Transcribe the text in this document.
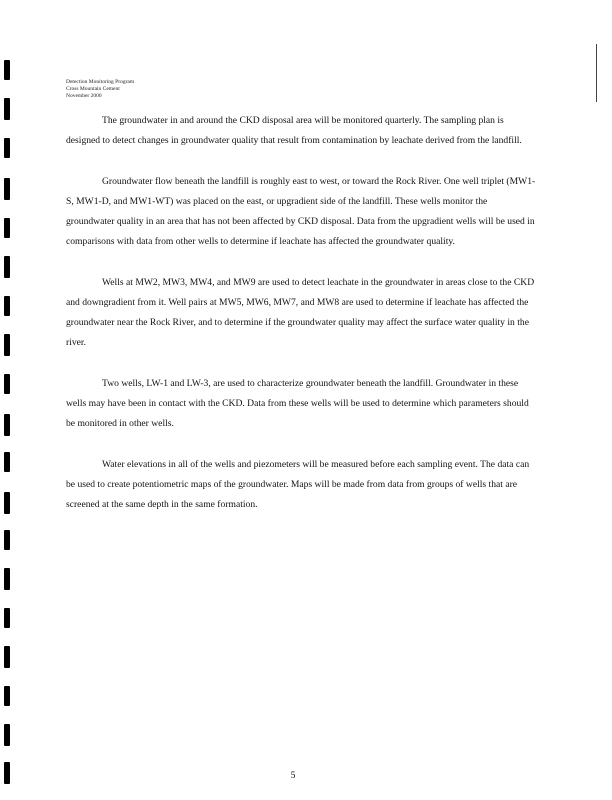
Detection Monitoring Program
Cross Mountain Cement
November 2000

The groundwater in and around the CKD disposal area will be monitored quarterly. The sampling plan is designed to detect changes in groundwater quality that result from contamination by leachate derived from the landfill.

Groundwater flow beneath the landfill is roughly east to west, or toward the Rock River. One well triplet (MW1-S, MW1-D, and MW1-WT) was placed on the east, or upgradient side of the landfill. These wells monitor the groundwater quality in an area that has not been affected by CKD disposal. Data from the upgradient wells will be used in comparisons with data from other wells to determine if leachate has affected the groundwater quality.

Wells at MW2, MW3, MW4, and MW9 are used to detect leachate in the groundwater in areas close to the CKD and downgradient from it. Well pairs at MW5, MW6, MW7, and MW8 are used to determine if leachate has affected the groundwater near the Rock River, and to determine if the groundwater quality may affect the surface water quality in the river.

Two wells, LW-1 and LW-3, are used to characterize groundwater beneath the landfill. Groundwater in these wells may have been in contact with the CKD. Data from these wells will be used to determine which parameters should be monitored in other wells.

Water elevations in all of the wells and piezometers will be measured before each sampling event. The data can be used to create potentiometric maps of the groundwater. Maps will be made from data from groups of wells that are screened at the same depth in the same formation.

5
